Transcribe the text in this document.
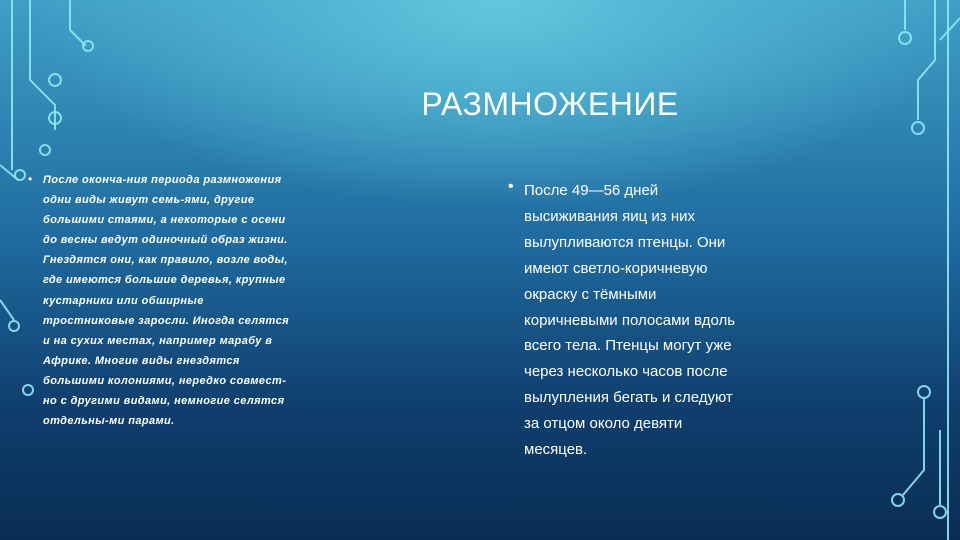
РАЗМНОЖЕНИЕ
• После оконча-ния периода размножения одни виды живут семь-ями, другие большими стаями, а некоторые с осени до весны ведут одиночный образ жизни. Гнездятся они, как правило, возле воды, где имеются большие деревья, крупные кустарники или обширные тростниковые заросли. Иногда селятся и на сухих местах, например марабу в Африке. Многие виды гнездятся большими колониями, нередко совмест-но с другими видами, немногие селятся отдельны-ми парами.

• После 49—56 дней высиживания яиц из них вылупливаются птенцы. Они имеют светло-коричневую окраску с тёмными коричневыми полосами вдоль всего тела. Птенцы могут уже через несколько часов после вылупления бегать и следуют за отцом около девяти месяцев.
